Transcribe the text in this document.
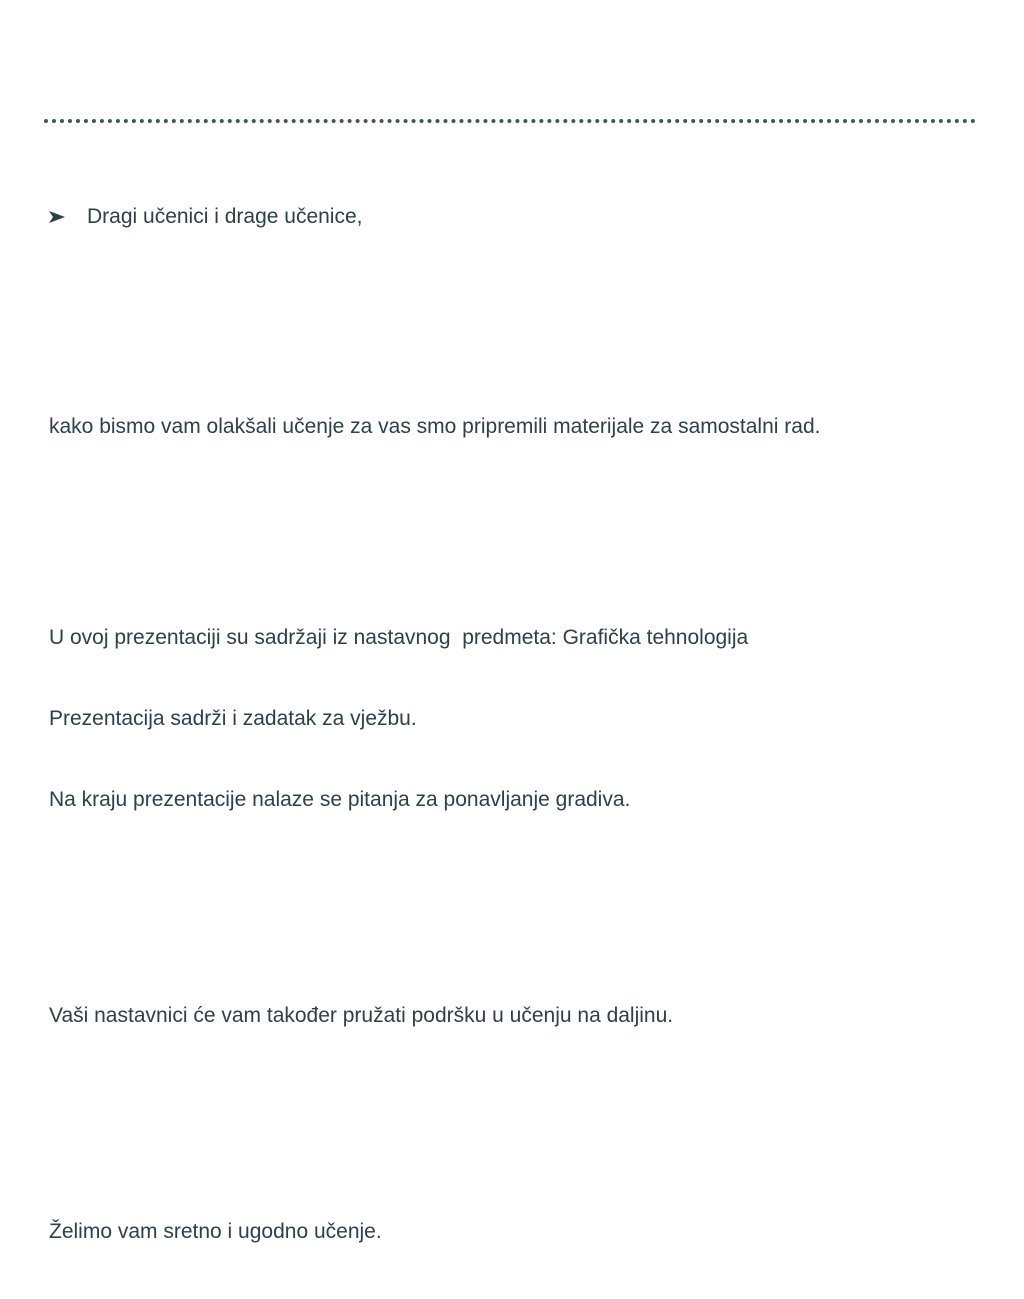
Dragi učenici i drage učenice,

kako bismo vam olakšali učenje za vas smo pripremili materijale za samostalni rad.

U ovoj prezentaciji su sadržaji iz nastavnog  predmeta: Grafička tehnologija

Prezentacija sadrži i zadatak za vježbu.

Na kraju prezentacije nalaze se pitanja za ponavljanje gradiva.

Vaši nastavnici će vam također pružati podršku u učenju na daljinu.

Želimo vam sretno i ugodno učenje.
